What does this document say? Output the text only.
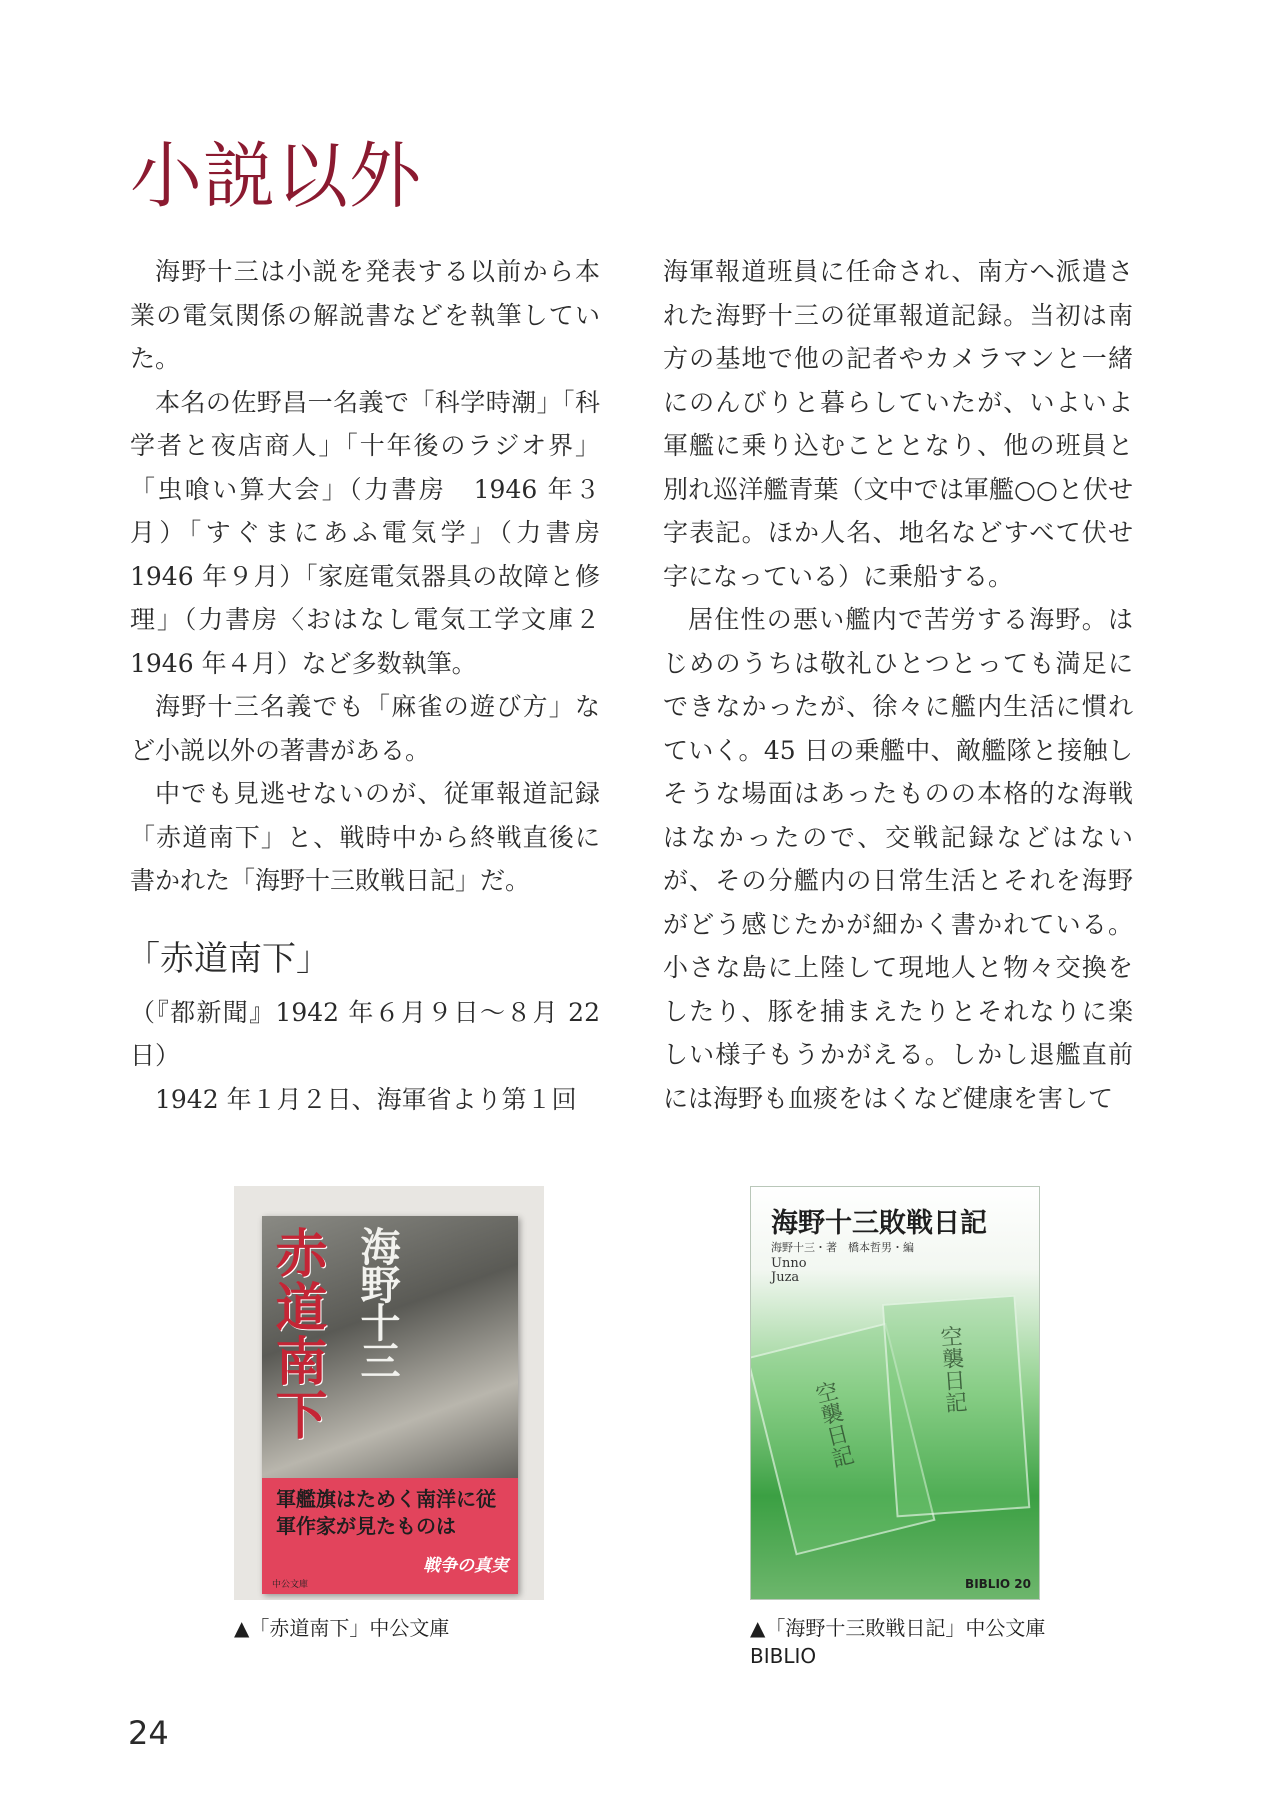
小説以外

海野十三は小説を発表する以前から本業の電気関係の解説書などを執筆していた。

本名の佐野昌一名義で「科学時潮」「科学者と夜店商人」「十年後のラジオ界」「虫喰い算大会」（力書房　1946 年３月）「すぐまにあふ電気学」（力書房　1946 年９月）「家庭電気器具の故障と修理」（力書房〈おはなし電気工学文庫２　1946 年４月）など多数執筆。

海野十三名義でも「麻雀の遊び方」など小説以外の著書がある。

中でも見逃せないのが、従軍報道記録「赤道南下」と、戦時中から終戦直後に書かれた「海野十三敗戦日記」だ。

「赤道南下」

（『都新聞』1942 年６月９日〜８月 22 日）

1942 年１月２日、海軍省より第１回

海軍報道班員に任命され、南方へ派遣された海野十三の従軍報道記録。当初は南方の基地で他の記者やカメラマンと一緒にのんびりと暮らしていたが、いよいよ軍艦に乗り込むこととなり、他の班員と別れ巡洋艦青葉（文中では軍艦○○と伏せ字表記。ほか人名、地名などすべて伏せ字になっている）に乗船する。

居住性の悪い艦内で苦労する海野。はじめのうちは敬礼ひとつとっても満足にできなかったが、徐々に艦内生活に慣れていく。45 日の乗艦中、敵艦隊と接触しそうな場面はあったものの本格的な海戦はなかったので、交戦記録などはないが、その分艦内の日常生活とそれを海野がどう感じたかが細かく書かれている。小さな島に上陸して現地人と物々交換をしたり、豚を捕まえたりとそれなりに楽しい様子もうかがえる。しかし退艦直前には海野も血痰をはくなど健康を害して

赤道南下 海野十三
軍艦旗はためく南洋に従軍作家が見たものは
戦争の真実
中公文庫
▲「赤道南下」中公文庫
空襲日記
空襲日記
海野十三敗戦日記
海野十三・著　橋本哲男・編
Unno Juza
BIBLIO 20
▲「海野十三敗戦日記」中公文庫 BIBLIO
24
